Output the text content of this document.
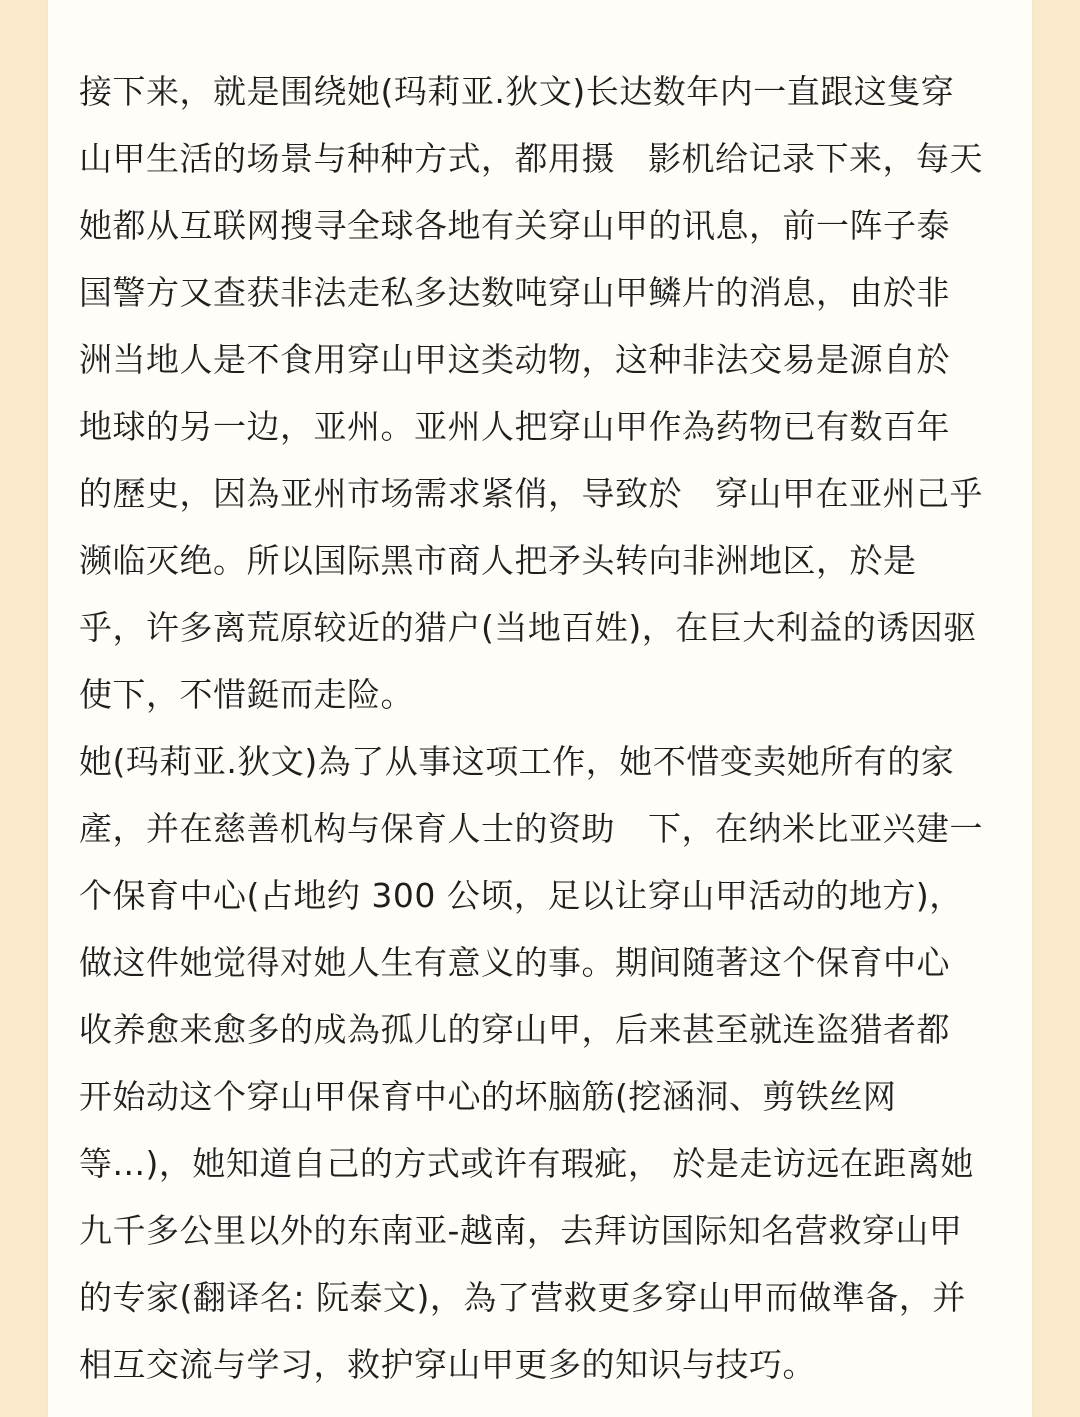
接下来，就是围绕她(玛莉亚.狄文)长达数年内一直跟这隻穿
山甲生活的场景与种种方式，都用摄   影机给记录下来，每天
她都从互联网搜寻全球各地有关穿山甲的讯息，前一阵子泰
国警方又查获非法走私多达数吨穿山甲鳞片的消息，由於非
洲当地人是不食用穿山甲这类动物，这种非法交易是源自於
地球的另一边，亚州。亚州人把穿山甲作為药物已有数百年
的歷史，因為亚州市场需求紧俏，导致於   穿山甲在亚州己乎
濒临灭绝。所以国际黑市商人把矛头转向非洲地区，於是
乎，许多离荒原较近的猎户(当地百姓)，在巨大利益的诱因驱
使下，不惜鋌而走险。
她(玛莉亚.狄文)為了从事这项工作，她不惜变卖她所有的家
產，并在慈善机构与保育人士的资助   下，在纳米比亚兴建一
个保育中心(占地约 300 公顷，足以让穿山甲活动的地方)，
做这件她觉得对她人生有意义的事。期间随著这个保育中心
收养愈来愈多的成為孤儿的穿山甲，后来甚至就连盗猎者都
开始动这个穿山甲保育中心的坏脑筋(挖涵洞、剪铁丝网
等...)，她知道自己的方式或许有瑕疵， 於是走访远在距离她
九千多公里以外的东南亚-越南，去拜访国际知名营救穿山甲
的专家(翻译名: 阮泰文)，為了营救更多穿山甲而做準备，并
相互交流与学习，救护穿山甲更多的知识与技巧。
